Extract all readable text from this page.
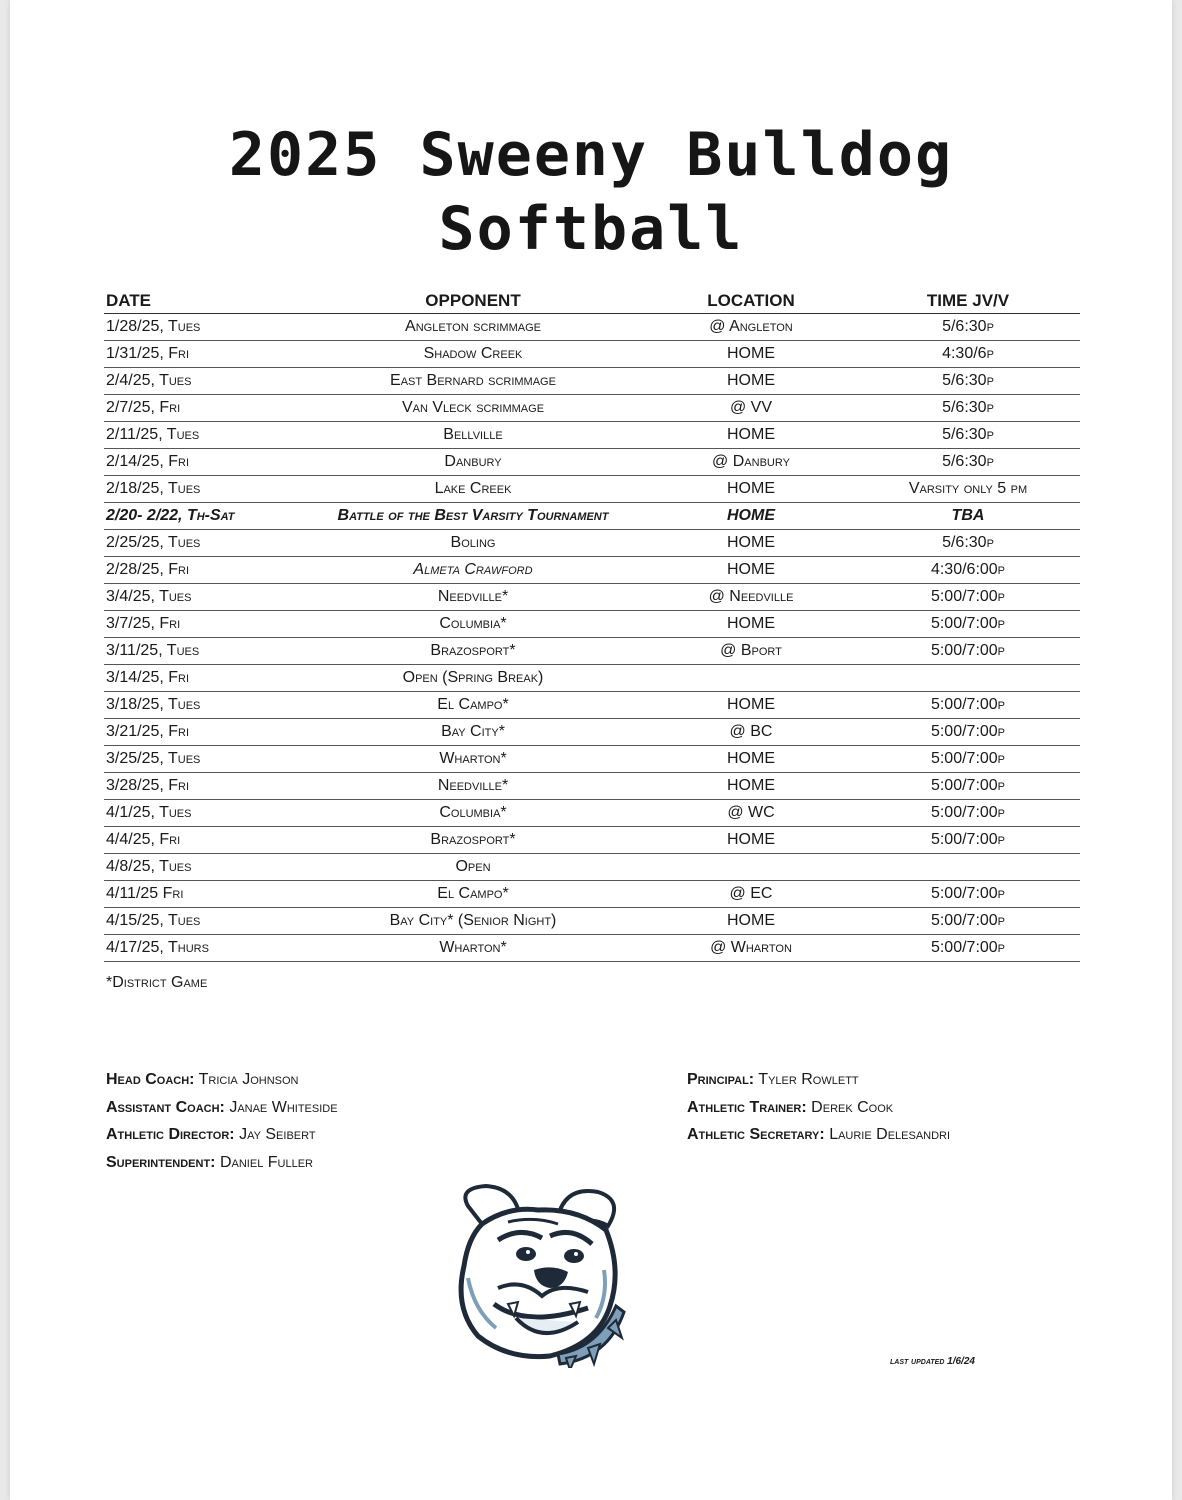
2025 Sweeny Bulldog
Softball
DATE	OPPONENT	LOCATION	TIME JV/V
1/28/25, Tues	Angleton scrimmage	@ Angleton	5/6:30p
1/31/25, Fri	Shadow Creek	HOME	4:30/6p
2/4/25, Tues	East Bernard scrimmage	HOME	5/6:30p
2/7/25, Fri	Van Vleck scrimmage	@ VV	5/6:30p
2/11/25, Tues	Bellville	HOME	5/6:30p
2/14/25, Fri	Danbury	@ Danbury	5/6:30p
2/18/25, Tues	Lake Creek	HOME	Varsity only 5 pm
2/20- 2/22, Th-Sat	Battle of the Best Varsity Tournament	HOME	TBA
2/25/25, Tues	Boling	HOME	5/6:30p
2/28/25, Fri	Almeta Crawford	HOME	4:30/6:00p
3/4/25, Tues	Needville*	@ Needville	5:00/7:00p
3/7/25, Fri	Columbia*	HOME	5:00/7:00p
3/11/25, Tues	Brazosport*	@ Bport	5:00/7:00p
3/14/25, Fri	Open (Spring Break)		
3/18/25, Tues	El Campo*	HOME	5:00/7:00p
3/21/25, Fri	Bay City*	@ BC	5:00/7:00p
3/25/25, Tues	Wharton*	HOME	5:00/7:00p
3/28/25, Fri	Needville*	HOME	5:00/7:00p
4/1/25, Tues	Columbia*	@ WC	5:00/7:00p
4/4/25, Fri	Brazosport*	HOME	5:00/7:00p
4/8/25, Tues	Open		
4/11/25 Fri	El Campo*	@ EC	5:00/7:00p
4/15/25, Tues	Bay City* (Senior Night)	HOME	5:00/7:00p
4/17/25, Thurs	Wharton*	@ Wharton	5:00/7:00p
*District Game
Head Coach: Tricia Johnson
Assistant Coach: Janae Whiteside
Athletic Director: Jay Seibert
Superintendent: Daniel Fuller
Principal: Tyler Rowlett
Athletic Trainer: Derek Cook
Athletic Secretary: Laurie Delesandri
last updated 1/6/24
